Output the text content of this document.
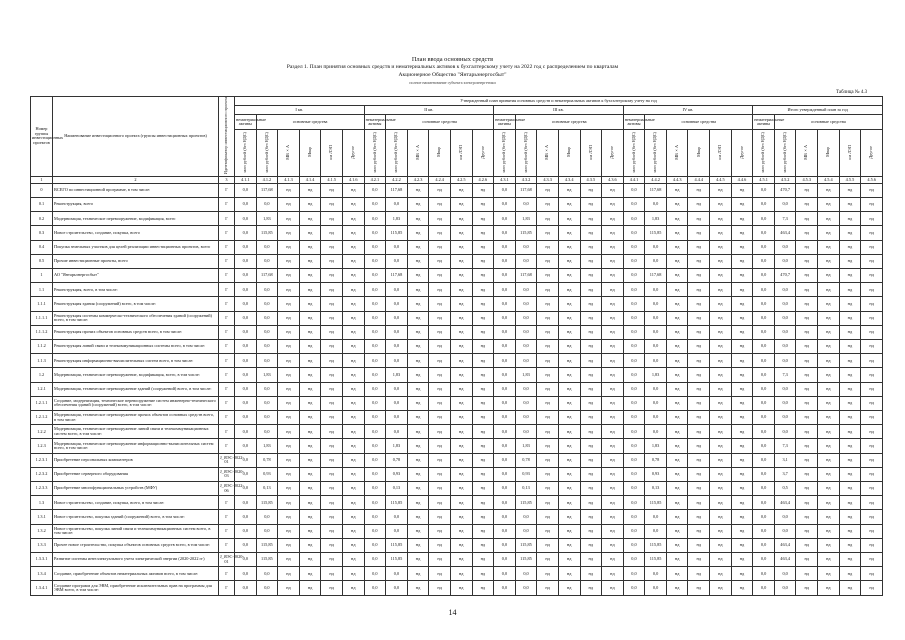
План ввода основных средств
Раздел 1. План принятия основных средств и нематериальных активов к бухгалтерскому учету на 2022 год с распределением по кварталам
Акционерное Общество "Янтарьэнергосбыт"
полное наименование субъекта электроэнергетики
Таблица № 4.3
Номер группы инвестиционных проектов	Наименование инвестиционного проекта (группы инвестиционных проектов)	Идентификатор инвестиционного проекта	Утвержденный план принятия основных средств и нематериальных активов к бухгалтерскому учету на год																													
			I кв.						II кв.						III кв.						IV кв.						Итого утвержденный план за год					
			нематериальные активы	основные средства					нематериальные активы	основные средства					нематериальные активы	основные средства					нематериальные активы	основные средства					нематериальные активы	основные средства				
			млн рублей (без НДС)	млн рублей (без НДС)	МВ×А	Мвар	км ЛЭП	Другое	млн рублей (без НДС)	млн рублей (без НДС)	МВ×А	Мвар	км ЛЭП	Другое	млн рублей (без НДС)	млн рублей (без НДС)	МВ×А	Мвар	км ЛЭП	Другое	млн рублей (без НДС)	млн рублей (без НДС)	МВ×А	Мвар	км ЛЭП	Другое	млн рублей (без НДС)	млн рублей (без НДС)	МВ×А	Мвар	км ЛЭП	Другое
1	2	3	4.1.1	4.1.2	4.1.3	4.1.4	4.1.5	4.1.6	4.2.1	4.2.2	4.2.3	4.2.4	4.2.5	4.2.6	4.3.1	4.3.2	4.3.3	4.3.4	4.3.5	4.3.6	4.4.1	4.4.2	4.4.3	4.4.4	4.4.5	4.4.6	4.5.1	4.5.2	4.5.3	4.5.4	4.5.5	4.5.6
0	ВСЕГО по инвестиционной программе, в том числе:	Г	0,0	117,68	нд	нд	нд	нд	0,0	117,68	нд	нд	нд	нд	0,0	117,68	нд	нд	нд	нд	0,0	117,68	нд	нд	нд	нд	0,0	470,7	нд	нд	нд	нд
0.1	Реконструкция, всего	Г	0,0	0,0	нд	нд	нд	нд	0,0	0,0	нд	нд	нд	нд	0,0	0,0	нд	нд	нд	нд	0,0	0,0	нд	нд	нд	нд	0,0	0,0	нд	нд	нд	нд
0.2	Модернизация, техническое перевооружение, модификация, всего	Г	0,0	1,83	нд	нд	нд	нд	0,0	1,83	нд	нд	нд	нд	0,0	1,83	нд	нд	нд	нд	0,0	1,83	нд	нд	нд	нд	0,0	7,3	нд	нд	нд	нд
0.3	Новое строительство, создание, покупка, всего	Г	0,0	115,85	нд	нд	нд	нд	0,0	115,85	нд	нд	нд	нд	0,0	115,85	нд	нд	нд	нд	0,0	115,85	нд	нд	нд	нд	0,0	463,4	нд	нд	нд	нд
0.4	Покупка земельных участков для целей реализации инвестиционных проектов, всего	Г	0,0	0,0	нд	нд	нд	нд	0,0	0,0	нд	нд	нд	нд	0,0	0,0	нд	нд	нд	нд	0,0	0,0	нд	нд	нд	нд	0,0	0,0	нд	нд	нд	нд
0.5	Прочие инвестиционные проекты, всего	Г	0,0	0,0	нд	нд	нд	нд	0,0	0,0	нд	нд	нд	нд	0,0	0,0	нд	нд	нд	нд	0,0	0,0	нд	нд	нд	нд	0,0	0,0	нд	нд	нд	нд
1	АО "Янтарьэнергосбыт"	Г	0,0	117,68	нд	нд	нд	нд	0,0	117,68	нд	нд	нд	нд	0,0	117,68	нд	нд	нд	нд	0,0	117,68	нд	нд	нд	нд	0,0	470,7	нд	нд	нд	нд
1.1	Реконструкция, всего, в том числе:	Г	0,0	0,0	нд	нд	нд	нд	0,0	0,0	нд	нд	нд	нд	0,0	0,0	нд	нд	нд	нд	0,0	0,0	нд	нд	нд	нд	0,0	0,0	нд	нд	нд	нд
1.1.1	Реконструкция здания (сооружений) всего, в том числе:	Г	0,0	0,0	нд	нд	нд	нд	0,0	0,0	нд	нд	нд	нд	0,0	0,0	нд	нд	нд	нд	0,0	0,0	нд	нд	нд	нд	0,0	0,0	нд	нд	нд	нд
1.1.1.1	Реконструкция системы коммерческо-технического обеспечения зданий (сооружений) всего, в том числе:	Г	0,0	0,0	нд	нд	нд	нд	0,0	0,0	нд	нд	нд	нд	0,0	0,0	нд	нд	нд	нд	0,0	0,0	нд	нд	нд	нд	0,0	0,0	нд	нд	нд	нд
1.1.1.2	Реконструкция прочих объектов основных средств всего, в том числе:	Г	0,0	0,0	нд	нд	нд	нд	0,0	0,0	нд	нд	нд	нд	0,0	0,0	нд	нд	нд	нд	0,0	0,0	нд	нд	нд	нд	0,0	0,0	нд	нд	нд	нд
1.1.2	Реконструкция линий связи и телекоммуникационных системы всего, в том числе:	Г	0,0	0,0	нд	нд	нд	нд	0,0	0,0	нд	нд	нд	нд	0,0	0,0	нд	нд	нд	нд	0,0	0,0	нд	нд	нд	нд	0,0	0,0	нд	нд	нд	нд
1.1.3	Реконструкция информационно-вычислительных систем всего, в том числе:	Г	0,0	0,0	нд	нд	нд	нд	0,0	0,0	нд	нд	нд	нд	0,0	0,0	нд	нд	нд	нд	0,0	0,0	нд	нд	нд	нд	0,0	0,0	нд	нд	нд	нд
1.2	Модернизация, техническое перевооружение, модификация, всего, в том числе:	Г	0,0	1,83	нд	нд	нд	нд	0,0	1,83	нд	нд	нд	нд	0,0	1,83	нд	нд	нд	нд	0,0	1,83	нд	нд	нд	нд	0,0	7,3	нд	нд	нд	нд
1.2.1	Модернизация, техническое перевооружение зданий (сооружений) всего, в том числе:	Г	0,0	0,0	нд	нд	нд	нд	0,0	0,0	нд	нд	нд	нд	0,0	0,0	нд	нд	нд	нд	0,0	0,0	нд	нд	нд	нд	0,0	0,0	нд	нд	нд	нд
1.2.1.1	Создание, модернизация, техническое перевооружение систем инженерно-технического обеспечения зданий (сооружений) всего, в том числе:	Г	0,0	0,0	нд	нд	нд	нд	0,0	0,0	нд	нд	нд	нд	0,0	0,0	нд	нд	нд	нд	0,0	0,0	нд	нд	нд	нд	0,0	0,0	нд	нд	нд	нд
1.2.1.2	Модернизация, техническое перевооружение прочих объектов основных средств всего, в том числе:	Г	0,0	0,0	нд	нд	нд	нд	0,0	0,0	нд	нд	нд	нд	0,0	0,0	нд	нд	нд	нд	0,0	0,0	нд	нд	нд	нд	0,0	0,0	нд	нд	нд	нд
1.2.2	Модернизация, техническое перевооружение линий связи и телекоммуникационных систем всего, в том числе:	Г	0,0	0,0	нд	нд	нд	нд	0,0	0,0	нд	нд	нд	нд	0,0	0,0	нд	нд	нд	нд	0,0	0,0	нд	нд	нд	нд	0,0	0,0	нд	нд	нд	нд
1.2.3	Модернизация, техническое перевооружение информационно-вычислительных систем всего, в том числе:	Г	0,0	1,83	нд	нд	нд	нд	0,0	1,83	нд	нд	нд	нд	0,0	1,83	нд	нд	нд	нд	0,0	1,83	нд	нд	нд	нд	0,0	7,3	нд	нд	нд	нд
1.2.3.1	Приобретение персональных компьютеров	J_ЯЭС-2022-01	0,0	0,78	нд	нд	нд	нд	0,0	0,78	нд	нд	нд	нд	0,0	0,78	нд	нд	нд	нд	0,0	0,78	нд	нд	нд	нд	0,0	3,1	нд	нд	нд	нд
1.2.3.2	Приобретение серверного оборудования	J_ЯЭС-2020-03	0,0	0,93	нд	нд	нд	нд	0,0	0,93	нд	нд	нд	нд	0,0	0,93	нд	нд	нд	нд	0,0	0,93	нд	нд	нд	нд	0,0	3,7	нд	нд	нд	нд
1.2.3.3	Приобретение многофункциональных устройств (МФУ)	J_ЯЭС-2022-06	0,0	0,13	нд	нд	нд	нд	0,0	0,13	нд	нд	нд	нд	0,0	0,13	нд	нд	нд	нд	0,0	0,13	нд	нд	нд	нд	0,0	0,5	нд	нд	нд	нд
1.3	Новое строительство, создание, покупка, всего, в том числе:	Г	0,0	115,85	нд	нд	нд	нд	0,0	115,85	нд	нд	нд	нд	0,0	115,85	нд	нд	нд	нд	0,0	115,85	нд	нд	нд	нд	0,0	463,4	нд	нд	нд	нд
1.3.1	Новое строительство, покупка зданий (сооружений) всего, в том числе:	Г	0,0	0,0	нд	нд	нд	нд	0,0	0,0	нд	нд	нд	нд	0,0	0,0	нд	нд	нд	нд	0,0	0,0	нд	нд	нд	нд	0,0	0,0	нд	нд	нд	нд
1.3.2	Новое строительство, покупка линий связи и телекоммуникационных систем всего, в том числе:	Г	0,0	0,0	нд	нд	нд	нд	0,0	0,0	нд	нд	нд	нд	0,0	0,0	нд	нд	нд	нд	0,0	0,0	нд	нд	нд	нд	0,0	0,0	нд	нд	нд	нд
1.3.3	Прочее новое строительство, покупка объектов основных средств всего, в том числе:	Г	0,0	115,85	нд	нд	нд	нд	0,0	115,85	нд	нд	нд	нд	0,0	115,85	нд	нд	нд	нд	0,0	115,85	нд	нд	нд	нд	0,0	463,4	нд	нд	нд	нд
1.3.3.1	Развитие системы интеллектуального учета электрической энергии (2020-2022 гг)	J_ЯЭС-2020-01	0,0	115,85	нд	нд	нд	нд	0,0	115,85	нд	нд	нд	нд	0,0	115,85	нд	нд	нд	нд	0,0	115,85	нд	нд	нд	нд	0,0	463,4	нд	нд	нд	нд
1.3.4	Создание, приобретение объектов нематериальных активов всего, в том числе:	Г	0,0	0,0	нд	нд	нд	нд	0,0	0,0	нд	нд	нд	нд	0,0	0,0	нд	нд	нд	нд	0,0	0,0	нд	нд	нд	нд	0,0	0,0	нд	нд	нд	нд
1.3.4.1	Создание программ для ЭВМ, приобретение исключительных прав на программы для ЭВМ всего, в том числе:	Г	0,0	0,0	нд	нд	нд	нд	0,0	0,0	нд	нд	нд	нд	0,0	0,0	нд	нд	нд	нд	0,0	0,0	нд	нд	нд	нд	0,0	0,0	нд	нд	нд	нд
14
